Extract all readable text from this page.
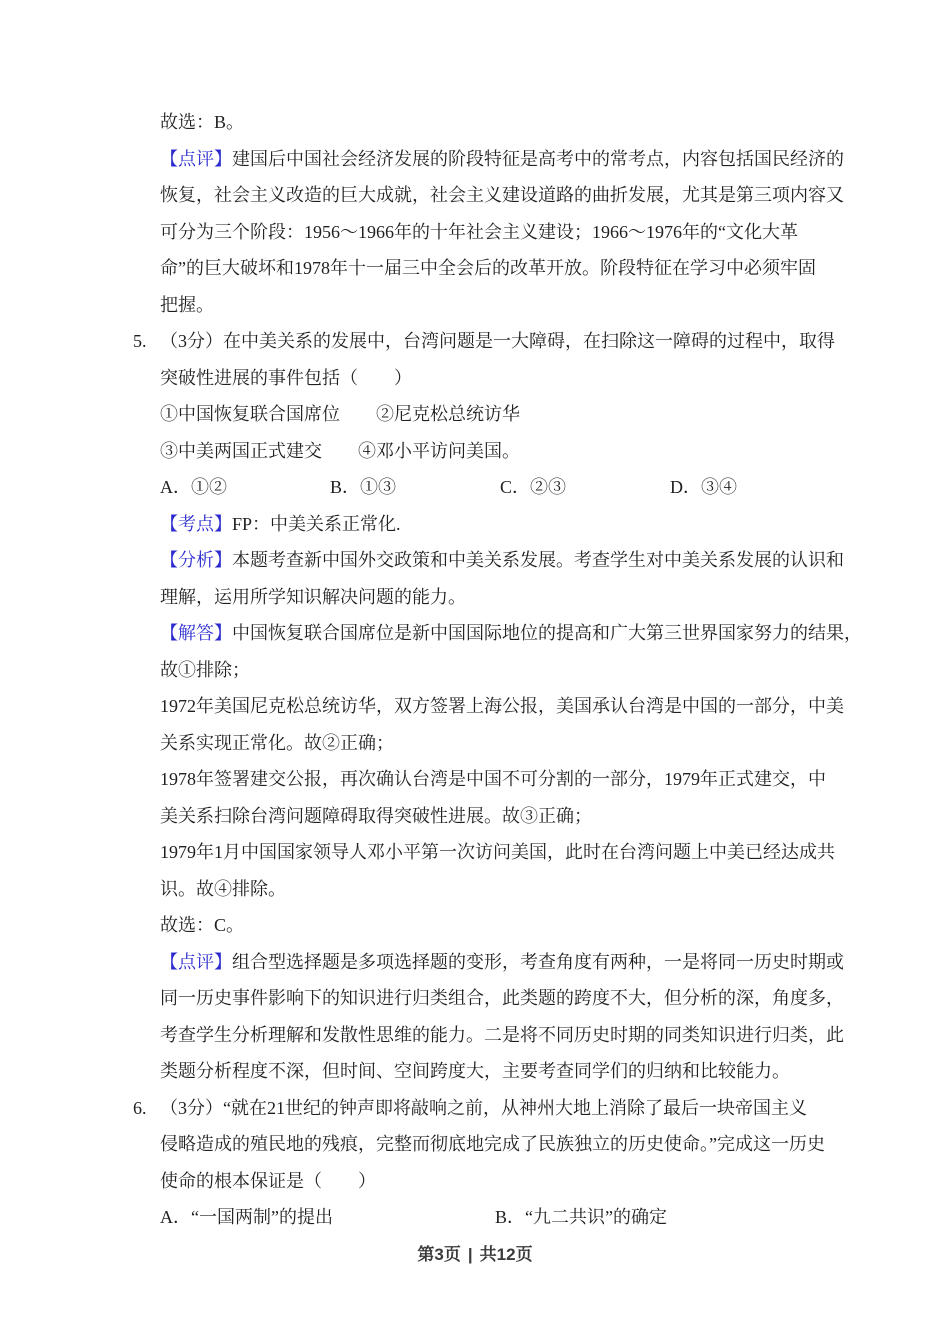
故选：B。
【点评】建国后中国社会经济发展的阶段特征是高考中的常考点，内容包括国民经济的
恢复，社会主义改造的巨大成就，社会主义建设道路的曲折发展，尤其是第三项内容又
可分为三个阶段：1956～1966年的十年社会主义建设；1966～1976年的“文化大革
命”的巨大破坏和1978年十一届三中全会后的改革开放。阶段特征在学习中必须牢固
把握。
5. （3分）在中美关系的发展中，台湾问题是一大障碍，在扫除这一障碍的过程中，取得
突破性进展的事件包括（　　）
①中国恢复联合国席位　　②尼克松总统访华
③中美两国正式建交　　④邓小平访问美国。
A．①②	B．①③	C．②③	D．③④
【考点】FP：中美关系正常化.
【分析】本题考查新中国外交政策和中美关系发展。考查学生对中美关系发展的认识和
理解，运用所学知识解决问题的能力。
【解答】中国恢复联合国席位是新中国国际地位的提高和广大第三世界国家努力的结果，
故①排除；
1972年美国尼克松总统访华，双方签署上海公报，美国承认台湾是中国的一部分，中美
关系实现正常化。故②正确；
1978年签署建交公报，再次确认台湾是中国不可分割的一部分，1979年正式建交，中
美关系扫除台湾问题障碍取得突破性进展。故③正确；
1979年1月中国国家领导人邓小平第一次访问美国，此时在台湾问题上中美已经达成共
识。故④排除。
故选：C。
【点评】组合型选择题是多项选择题的变形，考查角度有两种，一是将同一历史时期或
同一历史事件影响下的知识进行归类组合，此类题的跨度不大，但分析的深，角度多，
考查学生分析理解和发散性思维的能力。二是将不同历史时期的同类知识进行归类，此
类题分析程度不深，但时间、空间跨度大，主要考查同学们的归纳和比较能力。
6. （3分）“就在21世纪的钟声即将敲响之前，从神州大地上消除了最后一块帝国主义
侵略造成的殖民地的残痕，完整而彻底地完成了民族独立的历史使命。”完成这一历史
使命的根本保证是（　　）
A．“一国两制”的提出	B．“九二共识”的确定
第3页 | 共12页
